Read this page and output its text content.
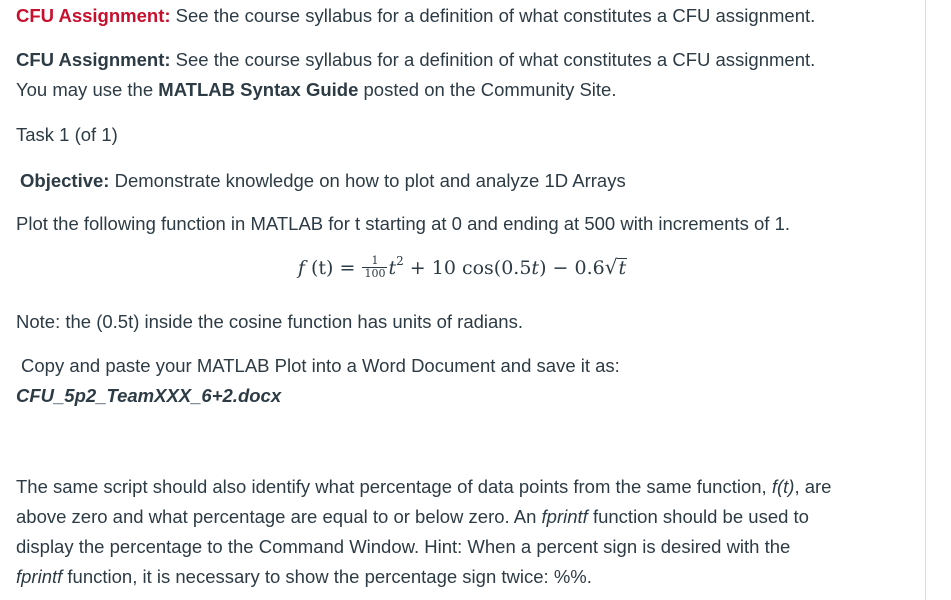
CFU Assignment: See the course syllabus for a definition of what constitutes a CFU assignment.
CFU Assignment: See the course syllabus for a definition of what constitutes a CFU assignment.
You may use the MATLAB Syntax Guide posted on the Community Site.
Task 1 (of 1)
Objective: Demonstrate knowledge on how to plot and analyze 1D Arrays
Plot the following function in MATLAB for t starting at 0 and ending at 500 with increments of 1.
f $(t) = \frac{1}{100} t^2 + 10$ cos(0.5t) − 0.6√t
Note: the (0.5t) inside the cosine function has units of radians.
Copy and paste your MATLAB Plot into a Word Document and save it as:
CFU_5p2_TeamXXX_6+2.docx
The same script should also identify what percentage of data points from the same function, f(t), are
above zero and what percentage are equal to or below zero. An fprintf function should be used to
display the percentage to the Command Window. Hint: When a percent sign is desired with the
fprintf function, it is necessary to show the percentage sign twice: %%.
